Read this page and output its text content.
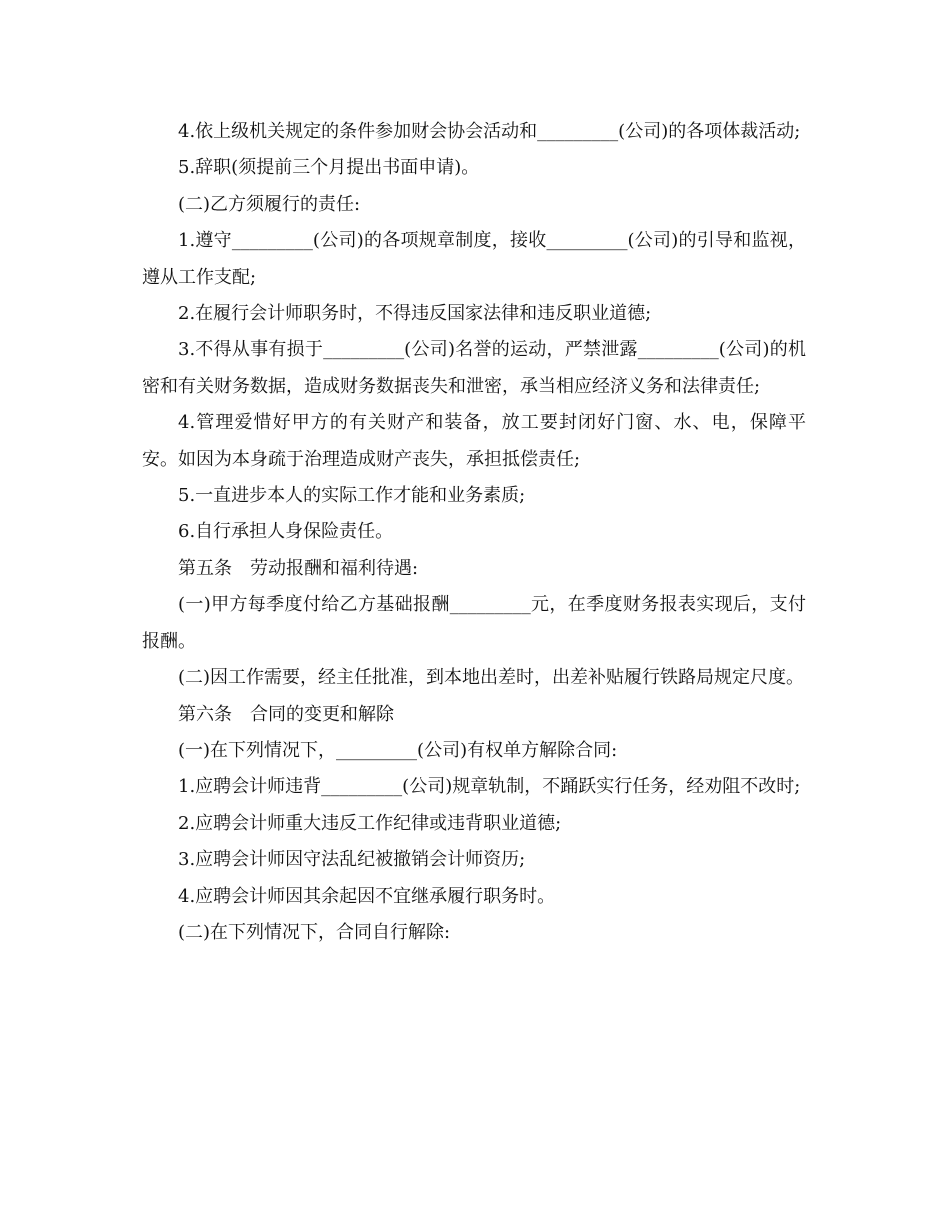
4.依上级机关规定的条件参加财会协会活动和_________(公司)的各项体裁活动;

5.辞职(须提前三个月提出书面申请)。

(二)乙方须履行的责任:

1.遵守_________(公司)的各项规章制度，接收_________(公司)的引导和监视，遵从工作支配;

2.在履行会计师职务时，不得违反国家法律和违反职业道德;

3.不得从事有损于_________(公司)名誉的运动，严禁泄露_________(公司)的机密和有关财务数据，造成财务数据丧失和泄密，承当相应经济义务和法律责任;

4.管理爱惜好甲方的有关财产和装备，放工要封闭好门窗、水、电，保障平安。如因为本身疏于治理造成财产丧失，承担抵偿责任;

5.一直进步本人的实际工作才能和业务素质;

6.自行承担人身保险责任。

第五条　劳动报酬和福利待遇:

(一)甲方每季度付给乙方基础报酬_________元，在季度财务报表实现后，支付报酬。

(二)因工作需要，经主任批准，到本地出差时，出差补贴履行铁路局规定尺度。

第六条　合同的变更和解除

(一)在下列情况下，_________(公司)有权单方解除合同:

1.应聘会计师违背_________(公司)规章轨制，不踊跃实行任务，经劝阻不改时;

2.应聘会计师重大违反工作纪律或违背职业道德;

3.应聘会计师因守法乱纪被撤销会计师资历;

4.应聘会计师因其余起因不宜继承履行职务时。

(二)在下列情况下，合同自行解除:
